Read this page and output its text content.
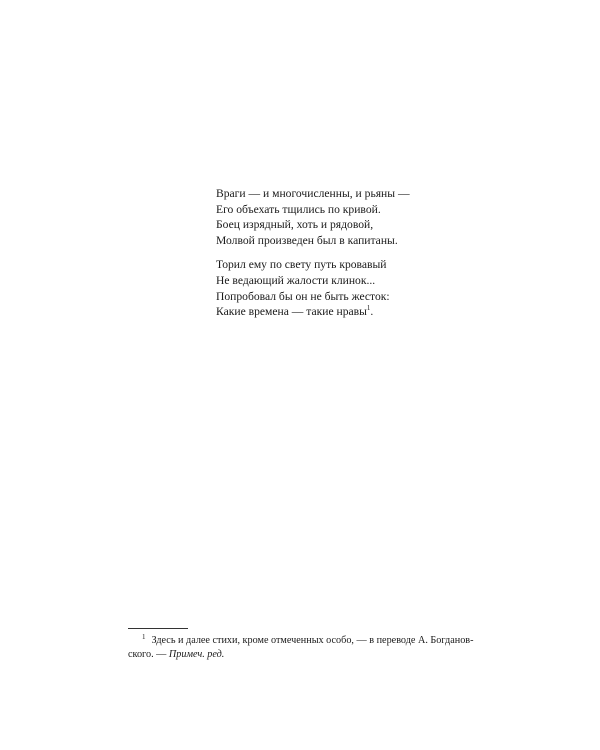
Враги — и многочисленны, и рьяны —
Его объехать тщились по кривой.
Боец изрядный, хоть и рядовой,
Молвой произведен был в капитаны.
Торил ему по свету путь кровавый
Не ведающий жалости клинок...
Попробовал бы он не быть жесток:
Какие времена — такие нравы$^1$.
$^1$ Здесь и далее стихи, кроме отмеченных особо, — в переводе А. Богданов-
ского. — Примеч. ред.
